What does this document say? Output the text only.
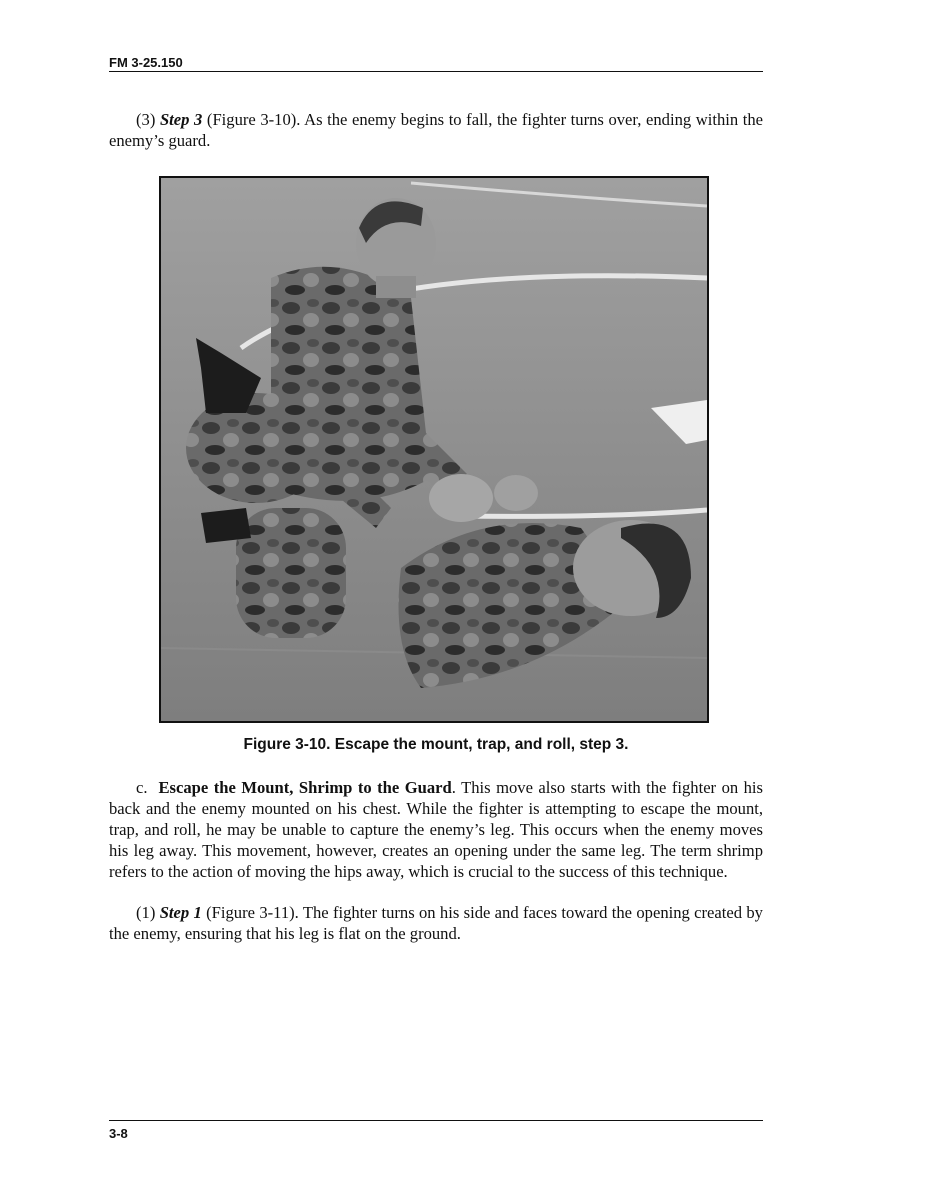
FM 3-25.150
(3) Step 3 (Figure 3-10). As the enemy begins to fall, the fighter turns over, ending within the enemy’s guard.
Figure 3-10. Escape the mount, trap, and roll, step 3.
c. Escape the Mount, Shrimp to the Guard. This move also starts with the fighter on his back and the enemy mounted on his chest. While the fighter is attempting to escape the mount, trap, and roll, he may be unable to capture the enemy’s leg. This occurs when the enemy moves his leg away. This movement, however, creates an opening under the same leg. The term shrimp refers to the action of moving the hips away, which is crucial to the success of this technique.
(1) Step 1 (Figure 3-11). The fighter turns on his side and faces toward the opening created by the enemy, ensuring that his leg is flat on the ground.
3-8
